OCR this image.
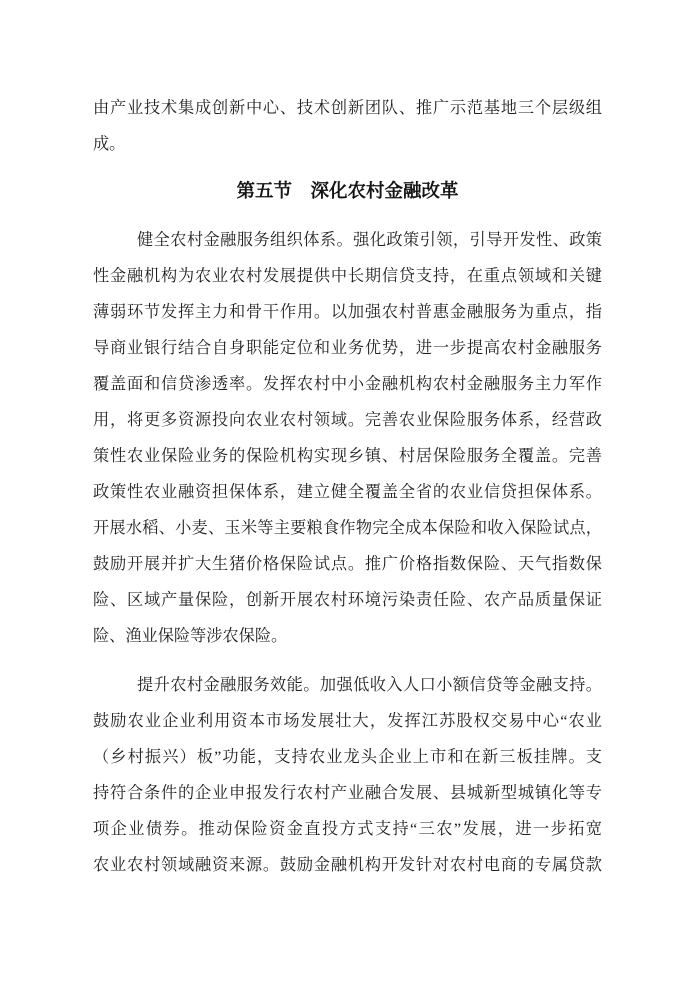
由产业技术集成创新中心、技术创新团队、推广示范基地三个层级组
成。
第五节　深化农村金融改革
健全农村金融服务组织体系。强化政策引领，引导开发性、政策
性金融机构为农业农村发展提供中长期信贷支持，在重点领域和关键
薄弱环节发挥主力和骨干作用。以加强农村普惠金融服务为重点，指
导商业银行结合自身职能定位和业务优势，进一步提高农村金融服务
覆盖面和信贷渗透率。发挥农村中小金融机构农村金融服务主力军作
用，将更多资源投向农业农村领域。完善农业保险服务体系，经营政
策性农业保险业务的保险机构实现乡镇、村居保险服务全覆盖。完善
政策性农业融资担保体系，建立健全覆盖全省的农业信贷担保体系。
开展水稻、小麦、玉米等主要粮食作物完全成本保险和收入保险试点，
鼓励开展并扩大生猪价格保险试点。推广价格指数保险、天气指数保
险、区域产量保险，创新开展农村环境污染责任险、农产品质量保证
险、渔业保险等涉农保险。
提升农村金融服务效能。加强低收入人口小额信贷等金融支持。
鼓励农业企业利用资本市场发展壮大，发挥江苏股权交易中心“农业
（乡村振兴）板”功能，支持农业龙头企业上市和在新三板挂牌。支
持符合条件的企业申报发行农村产业融合发展、县城新型城镇化等专
项企业债券。推动保险资金直投方式支持“三农”发展，进一步拓宽
农业农村领域融资来源。鼓励金融机构开发针对农村电商的专属贷款
